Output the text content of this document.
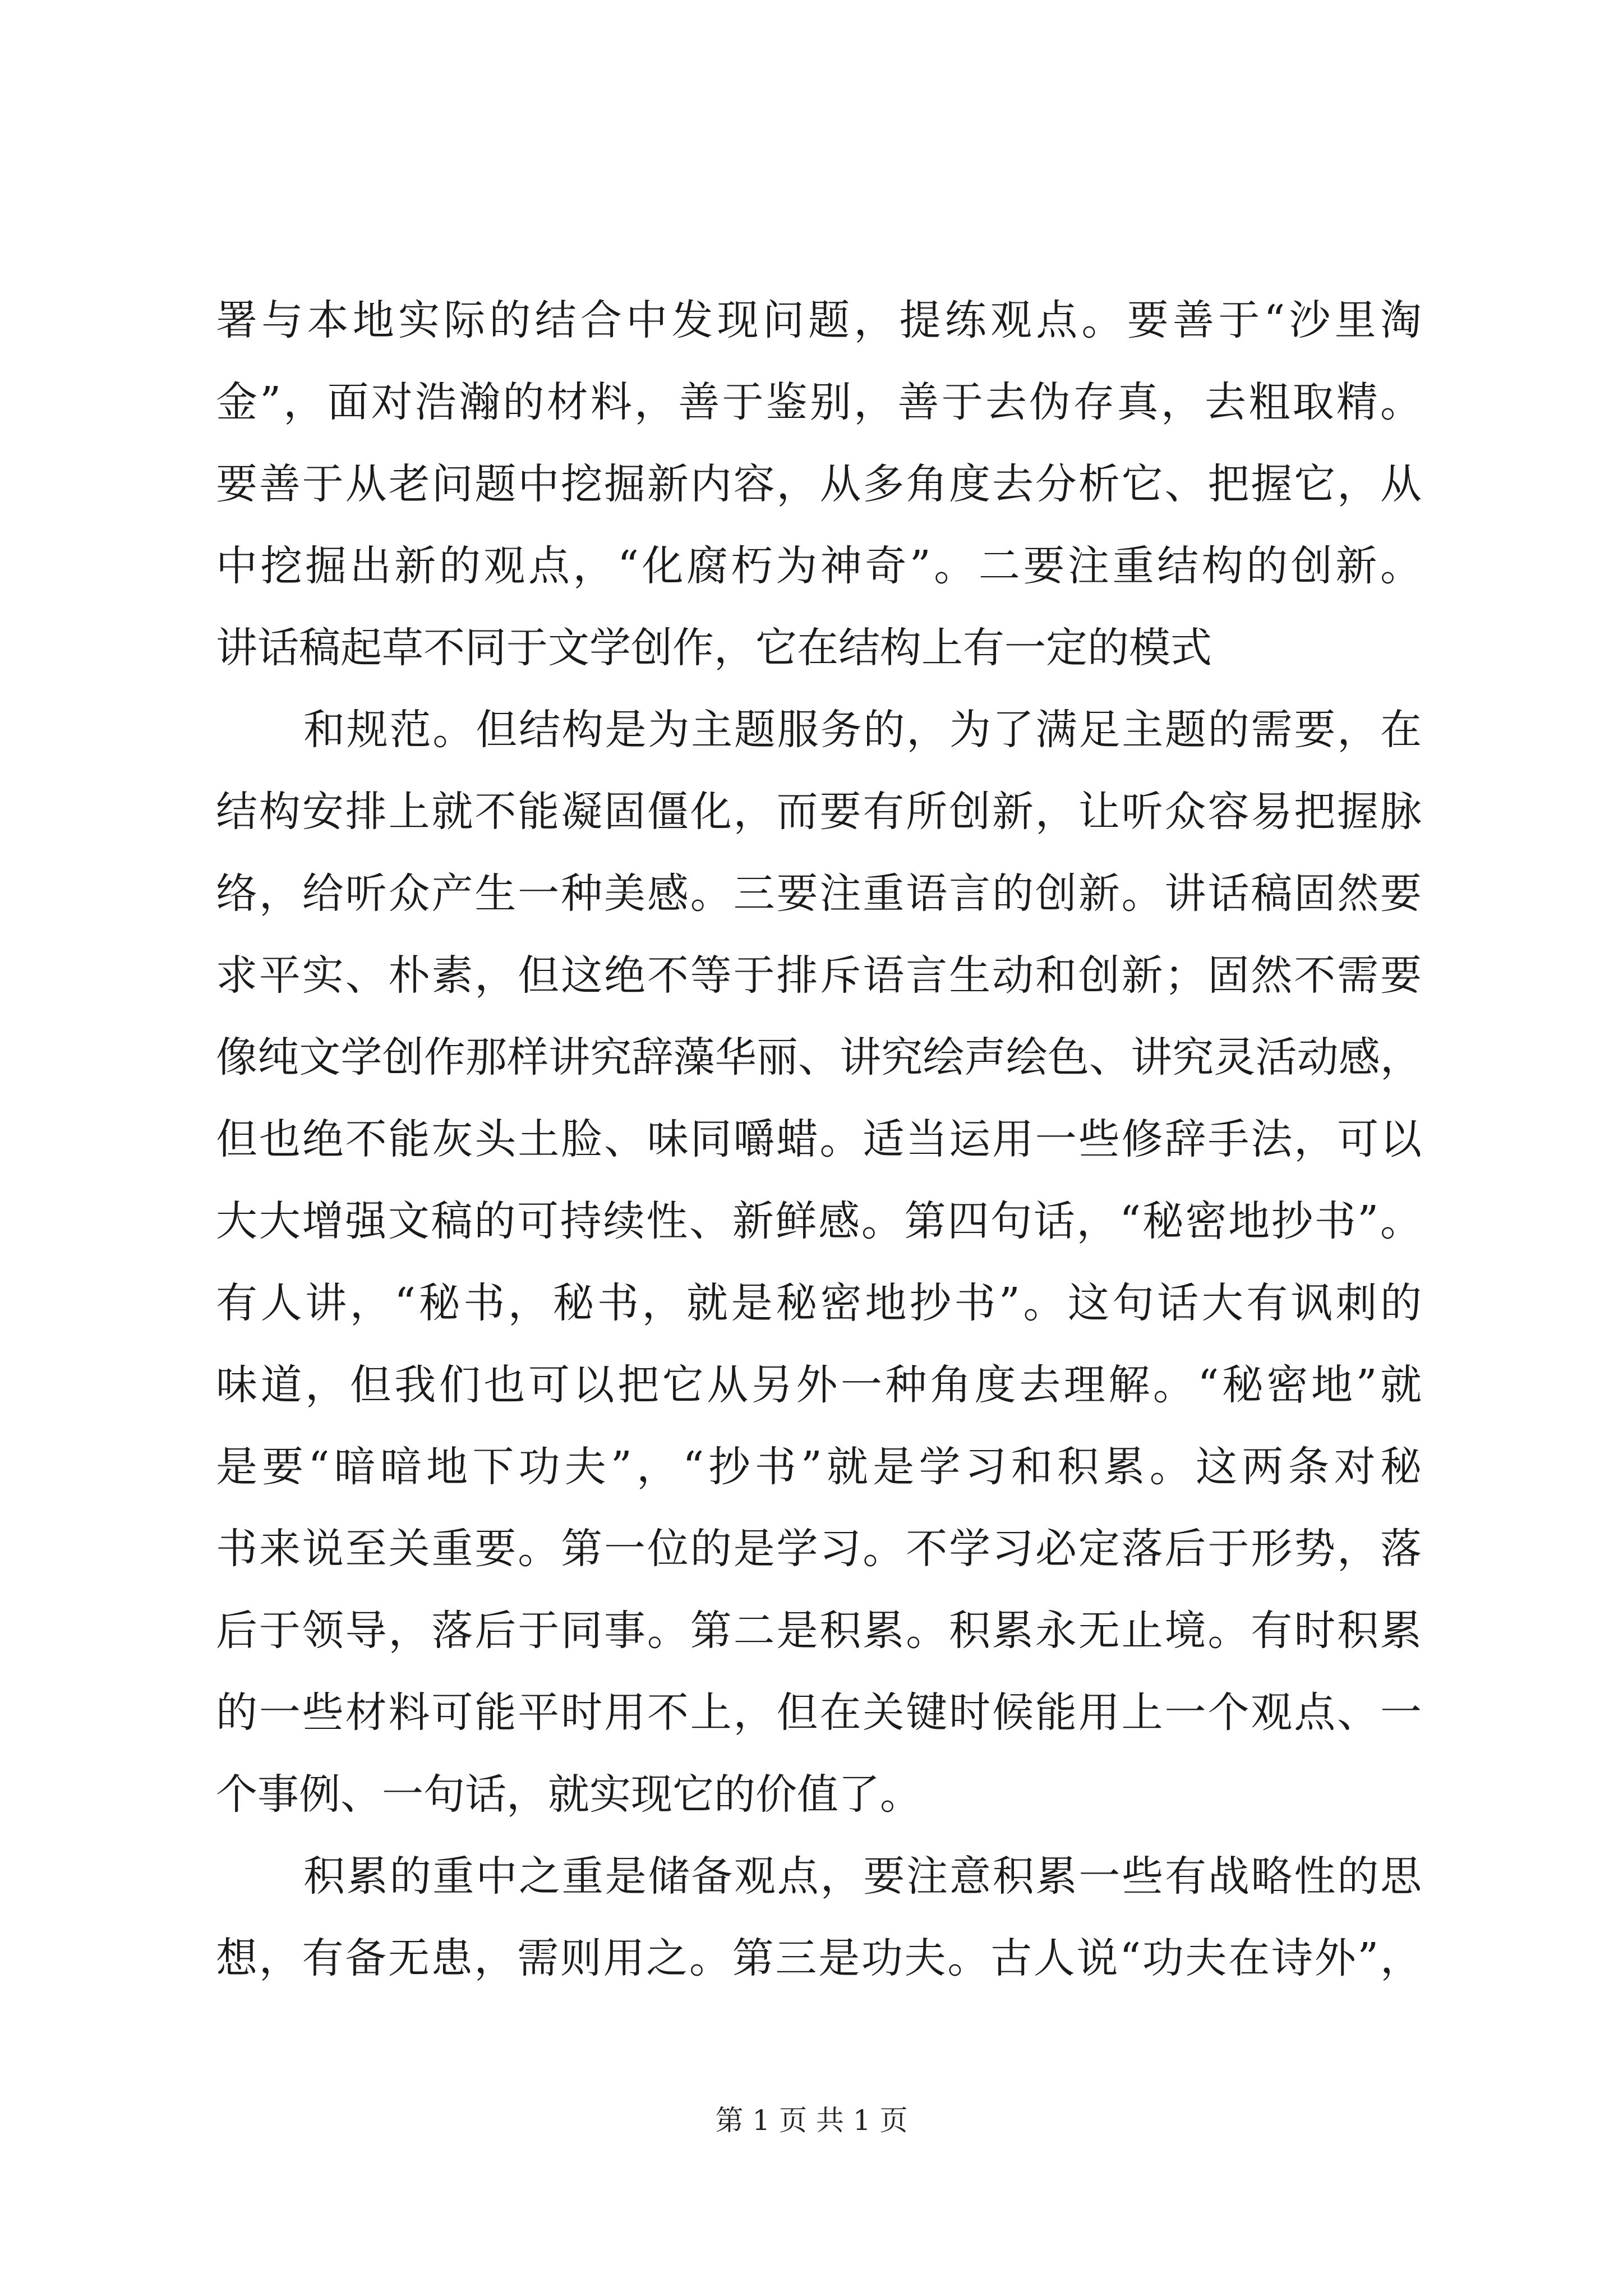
署与本地实际的结合中发现问题，提练观点。要善于“沙里淘
金”，面对浩瀚的材料，善于鉴别，善于去伪存真，去粗取精。
要善于从老问题中挖掘新内容，从多角度去分析它、把握它，从
中挖掘出新的观点，“化腐朽为神奇”。二要注重结构的创新。
讲话稿起草不同于文学创作，它在结构上有一定的模式
和规范。但结构是为主题服务的，为了满足主题的需要，在
结构安排上就不能凝固僵化，而要有所创新，让听众容易把握脉
络，给听众产生一种美感。三要注重语言的创新。讲话稿固然要
求平实、朴素，但这绝不等于排斥语言生动和创新；固然不需要
像纯文学创作那样讲究辞藻华丽、讲究绘声绘色、讲究灵活动感，
但也绝不能灰头土脸、味同嚼蜡。适当运用一些修辞手法，可以
大大增强文稿的可持续性、新鲜感。第四句话，“秘密地抄书”。
有人讲，“秘书，秘书，就是秘密地抄书”。这句话大有讽刺的
味道，但我们也可以把它从另外一种角度去理解。“秘密地”就
是要“暗暗地下功夫”，“抄书”就是学习和积累。这两条对秘
书来说至关重要。第一位的是学习。不学习必定落后于形势，落
后于领导，落后于同事。第二是积累。积累永无止境。有时积累
的一些材料可能平时用不上，但在关键时候能用上一个观点、一
个事例、一句话，就实现它的价值了。
积累的重中之重是储备观点，要注意积累一些有战略性的思
想，有备无患，需则用之。第三是功夫。古人说“功夫在诗外”，
第 1 页 共 1 页
